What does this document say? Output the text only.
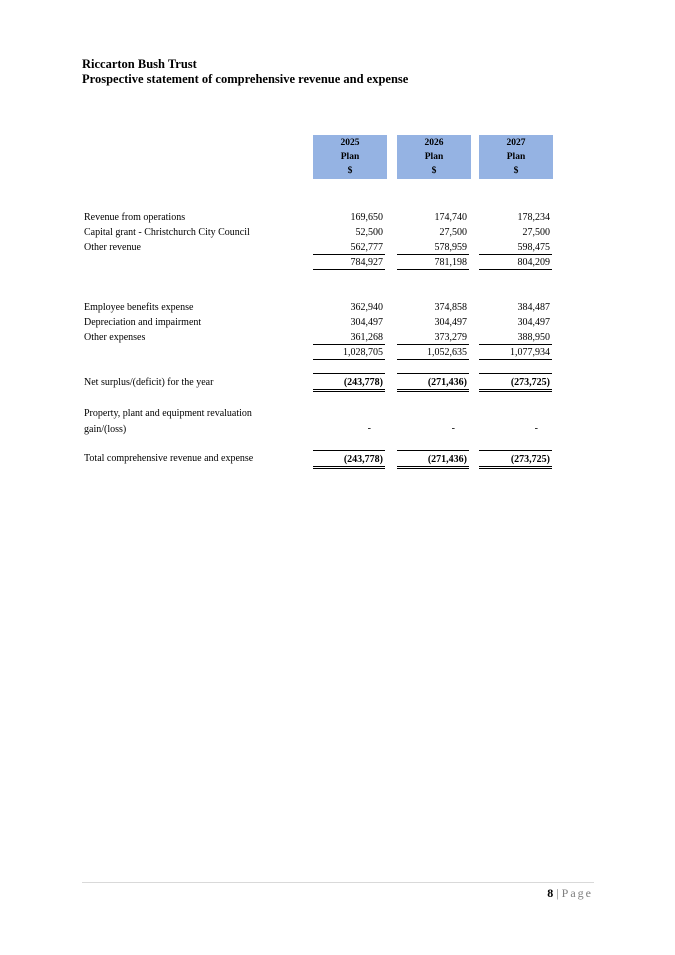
Riccarton Bush Trust
Prospective statement of comprehensive revenue and expense
2025
Plan
$
2026
Plan
$
2027
Plan
$
Revenue from operations	169,650	174,740	178,234
Capital grant - Christchurch City Council	52,500	27,500	27,500
Other revenue	562,777	578,959	598,475
784,927	781,198	804,209
Employee benefits expense	362,940	374,858	384,487
Depreciation and impairment	304,497	304,497	304,497
Other expenses	361,268	373,279	388,950
1,028,705	1,052,635	1,077,934
Net surplus/(deficit) for the year	(243,778)	(271,436)	(273,725)
Property, plant and equipment revaluation
gain/(loss)	-	-	-
Total comprehensive revenue and expense	(243,778)	(271,436)	(273,725)
8 | Page
